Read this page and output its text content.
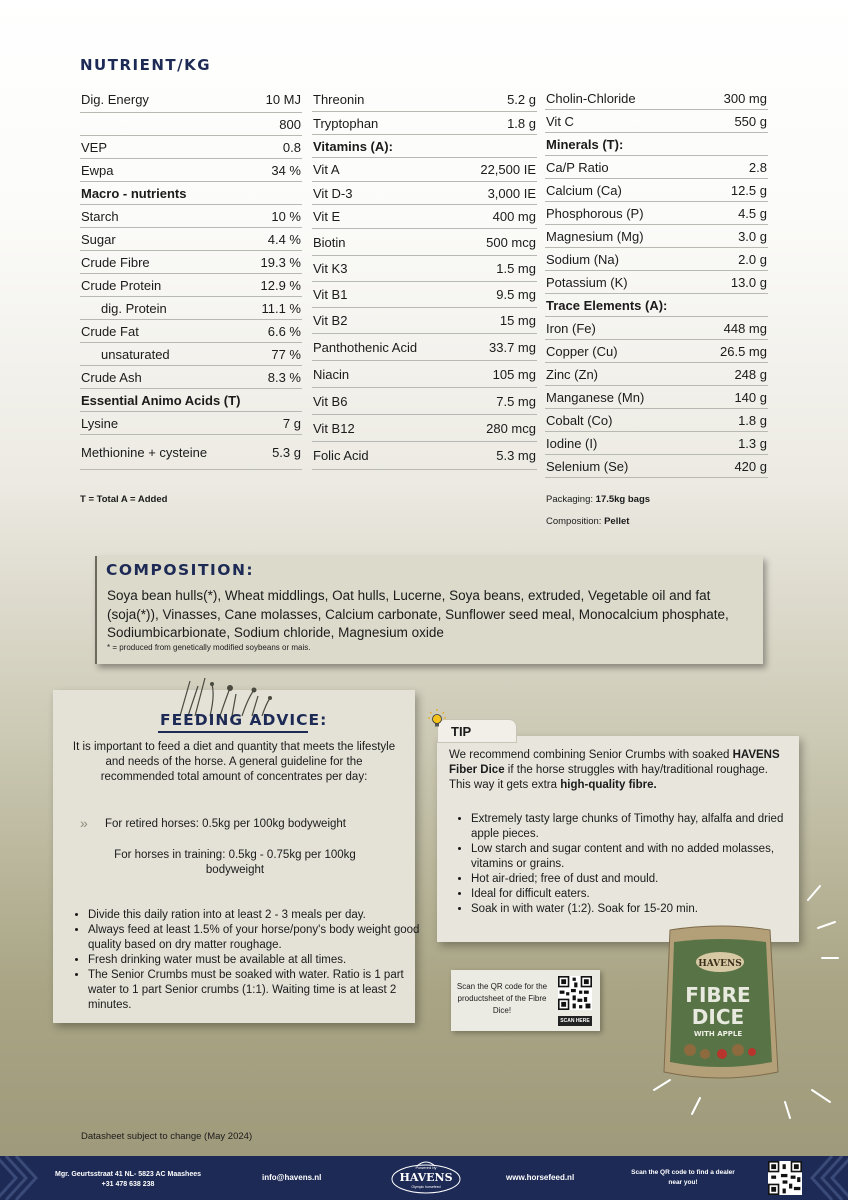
NUTRIENT/KG
Dig. Energy	10 MJ
800
VEP	0.8
Ewpa	34 %
Macro - nutrients
Starch	10 %
Sugar	4.4 %
Crude Fibre	19.3 %
Crude Protein	12.9 %
dig. Protein	11.1 %
Crude Fat	6.6 %
unsaturated	77 %
Crude Ash	8.3 %
Essential Animo Acids (T)
Lysine	7 g
Methionine + cysteine	5.3 g
Threonin	5.2 g
Tryptophan	1.8 g
Vitamins (A):
Vit A	22,500 IE
Vit D-3	3,000 IE
Vit E	400 mg
Biotin	500 mcg
Vit K3	1.5 mg
Vit B1	9.5 mg
Vit B2	15 mg
Panthothenic Acid	33.7 mg
Niacin	105 mg
Vit B6	7.5 mg
Vit B12	280 mcg
Folic Acid	5.3 mg
Cholin-Chloride	300 mg
Vit C	550 g
Minerals (T):
Ca/P Ratio	2.8
Calcium (Ca)	12.5 g
Phosphorous (P)	4.5 g
Magnesium (Mg)	3.0 g
Sodium (Na)	2.0 g
Potassium (K)	13.0 g
Trace Elements (A):
Iron (Fe)	448 mg
Copper (Cu)	26.5 mg
Zinc (Zn)	248 g
Manganese (Mn)	140 g
Cobalt (Co)	1.8 g
Iodine (I)	1.3 g
Selenium (Se)	420 g
T = Total A = Added	Packaging: 17.5kg bags
Composition: Pellet
COMPOSITION:
Soya bean hulls(*), Wheat middlings, Oat hulls, Lucerne, Soya beans, extruded, Vegetable oil and fat (soja(*)), Vinasses, Cane molasses, Calcium carbonate, Sunflower seed meal, Monocalcium phosphate, Sodiumbicarbionate, Sodium chloride, Magnesium oxide
* = produced from genetically modified soybeans or mais.
FEEDING ADVICE:
It is important to feed a diet and quantity that meets the lifestyle and needs of the horse. A general guideline for the recommended total amount of concentrates per day:
» For retired horses: 0.5kg per 100kg bodyweight
For horses in training: 0.5kg - 0.75kg per 100kg bodyweight
• Divide this daily ration into at least 2 - 3 meals per day.
• Always feed at least 1.5% of your horse/pony's body weight good quality based on dry matter roughage.
• Fresh drinking water must be available at all times.
• The Senior Crumbs must be soaked with water. Ratio is 1 part water to 1 part Senior crumbs (1:1). Waiting time is at least 2 minutes.
TIP
We recommend combining Senior Crumbs with soaked HAVENS Fiber Dice if the horse struggles with hay/traditional roughage. This way it gets extra high-quality fibre.
• Extremely tasty large chunks of Timothy hay, alfalfa and dried apple pieces.
• Low starch and sugar content and with no added molasses, vitamins or grains.
• Hot air-dried; free of dust and mould.
• Ideal for difficult eaters.
• Soak in with water (1:2). Soak for 15-20 min.
Scan the QR code for the productsheet of the Fibre Dice!
SCAN HERE
HAVENS
FIBRE
DICE
WITH APPLE
Datasheet subject to change (May 2024)
Mgr. Geurtsstraat 41 NL- 5823 AC Maashees
+31 478 638 238
info@havens.nl
Powered by
HAVENS
Olympic horsefeed
www.horsefeed.nl
Scan the QR code to find a dealer near you!
